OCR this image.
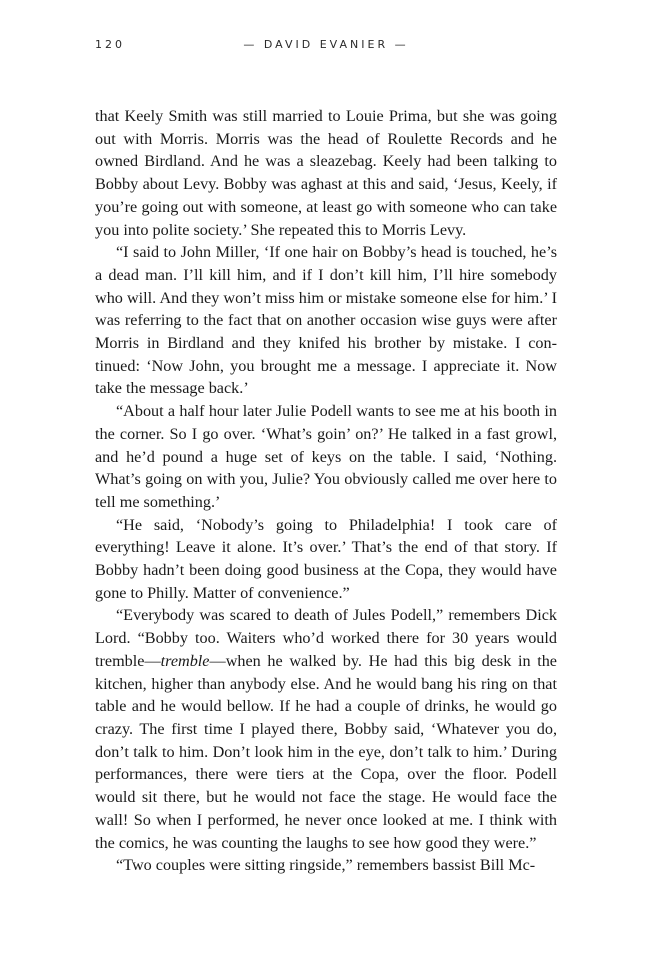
120	— DAVID EVANIER —

that Keely Smith was still married to Louie Prima, but she was going out with Morris. Morris was the head of Roulette Records and he owned Birdland. And he was a sleazebag. Keely had been talking to Bobby about Levy. Bobby was aghast at this and said, ‘Jesus, Keely, if you’re going out with someone, at least go with someone who can take you into polite society.’ She repeated this to Morris Levy.

“I said to John Miller, ‘If one hair on Bobby’s head is touched, he’s a dead man. I’ll kill him, and if I don’t kill him, I’ll hire somebody who will. And they won’t miss him or mistake someone else for him.’ I was referring to the fact that on another occasion wise guys were after Morris in Birdland and they knifed his brother by mistake. I con-tinued: ‘Now John, you brought me a message. I appreciate it. Now take the message back.’

“About a half hour later Julie Podell wants to see me at his booth in the corner. So I go over. ‘What’s goin’ on?’ He talked in a fast growl, and he’d pound a huge set of keys on the table. I said, ‘Nothing. What’s going on with you, Julie? You obviously called me over here to tell me something.’

“He said, ‘Nobody’s going to Philadelphia! I took care of everything! Leave it alone. It’s over.’ That’s the end of that story. If Bobby hadn’t been doing good business at the Copa, they would have gone to Philly. Matter of convenience.”

“Everybody was scared to death of Jules Podell,” remembers Dick Lord. “Bobby too. Waiters who’d worked there for 30 years would tremble—tremble—when he walked by. He had this big desk in the kitchen, higher than anybody else. And he would bang his ring on that table and he would bellow. If he had a couple of drinks, he would go crazy. The first time I played there, Bobby said, ‘Whatever you do, don’t talk to him. Don’t look him in the eye, don’t talk to him.’ During performances, there were tiers at the Copa, over the floor. Podell would sit there, but he would not face the stage. He would face the wall! So when I performed, he never once looked at me. I think with the comics, he was counting the laughs to see how good they were.”

“Two couples were sitting ringside,” remembers bassist Bill Mc-
